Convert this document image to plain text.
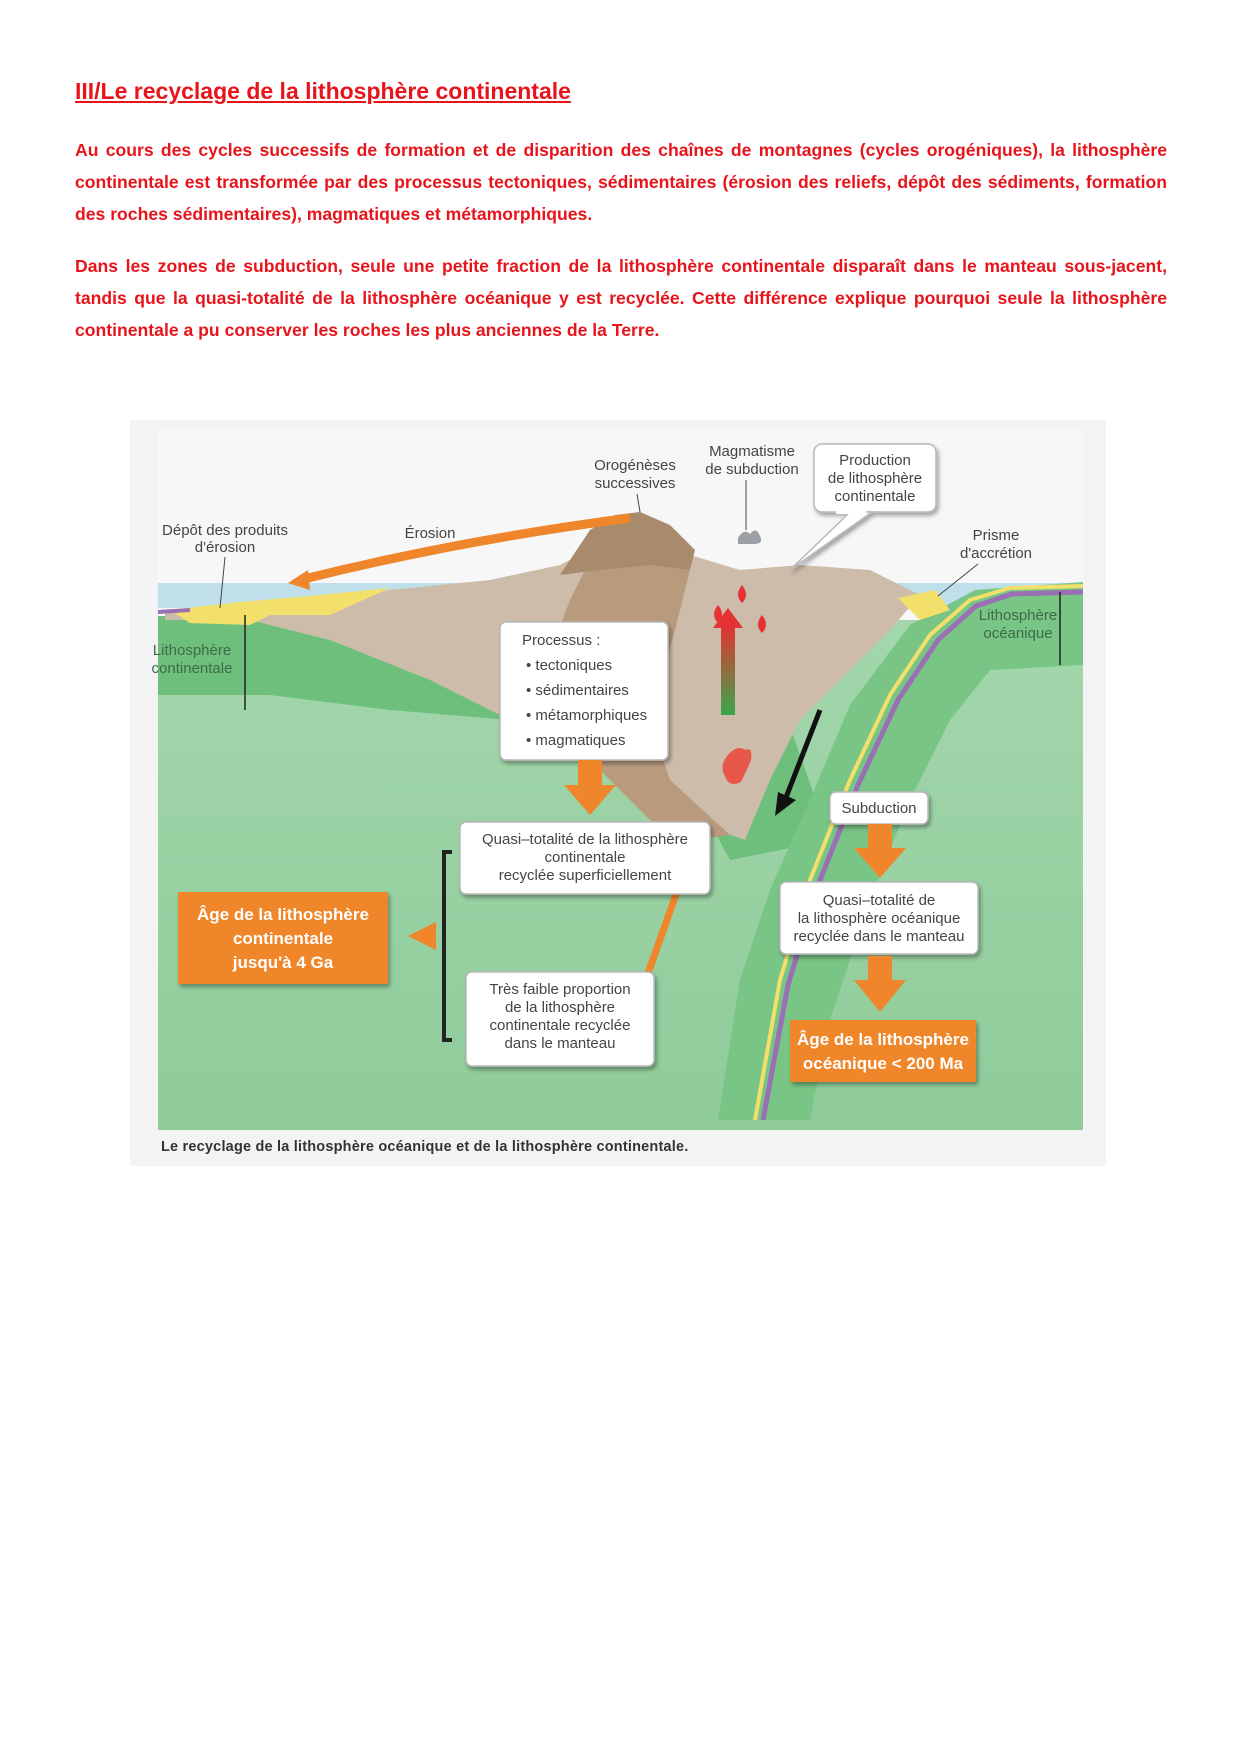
III/Le recyclage de la lithosphère continentale

Au cours des cycles successifs de formation et de disparition des chaînes de montagnes (cycles orogéniques), la lithosphère continentale est transformée par des processus tectoniques, sédimentaires (érosion des reliefs, dépôt des sédiments, formation des roches sédimentaires), magmatiques et métamorphiques.

Dans les zones de subduction, seule une petite fraction de la lithosphère continentale disparaît dans le manteau sous-jacent, tandis que la quasi-totalité de la lithosphère océanique y est recyclée. Cette différence explique pourquoi seule la lithosphère continentale a pu conserver les roches les plus anciennes de la Terre.

Orogénèses
successives
Magmatisme
de subduction
Production
de lithosphère
continentale
Dépôt des produits
d'érosion
Érosion	Prisme
d'accrétion
Lithosphère
continentale
Lithosphère
océanique
Processus :
• tectoniques
• sédimentaires
• métamorphiques
• magmatiques
Quasi–totalité de la lithosphère
continentale
recyclée superficiellement
Très faible proportion
de la lithosphère
continentale recyclée
dans le manteau
Âge de la lithosphère
continentale
jusqu'à 4 Ga
Subduction
Quasi–totalité de
la lithosphère océanique
recyclée dans le manteau
Âge de la lithosphère
océanique < 200 Ma
Le recyclage de la lithosphère océanique et de la lithosphère continentale.
